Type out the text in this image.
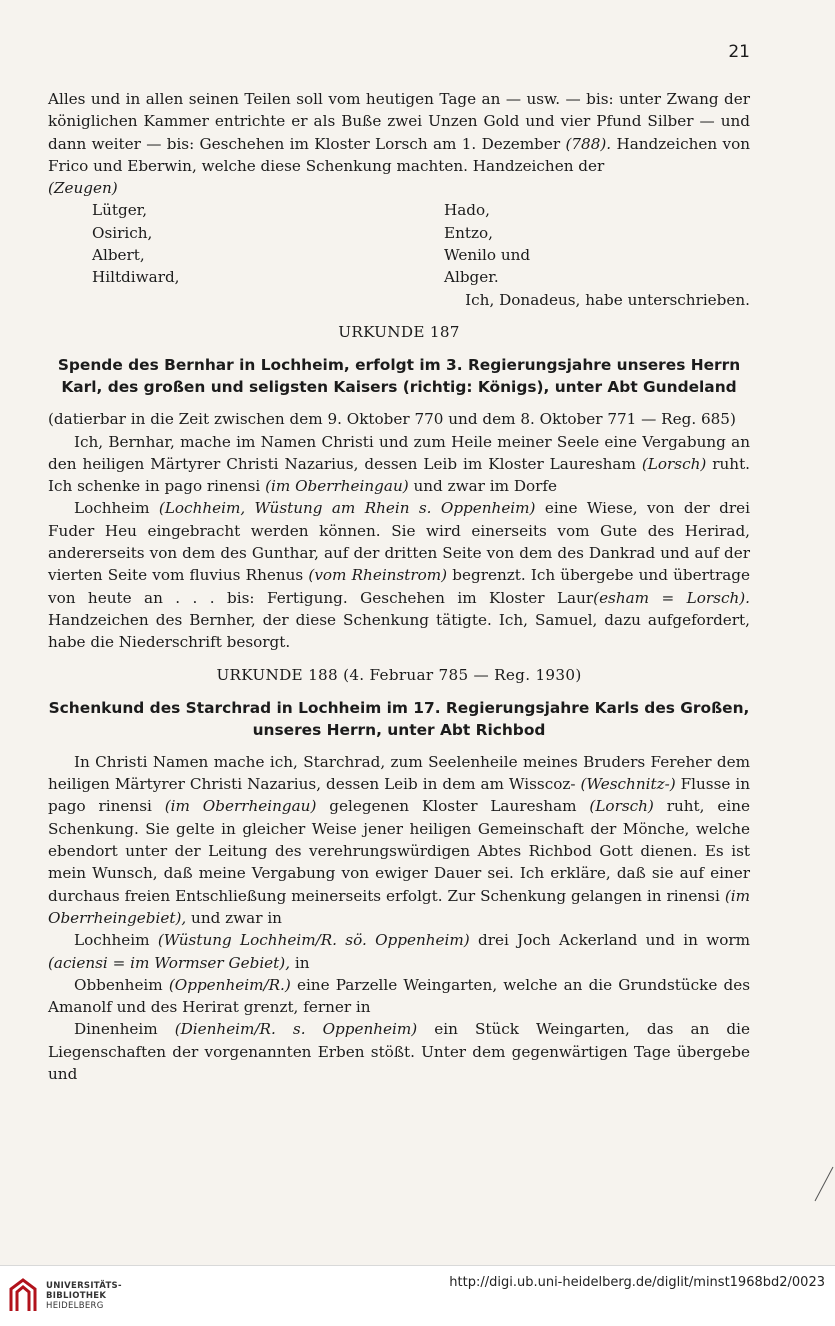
21

Alles und in allen seinen Teilen soll vom heutigen Tage an — usw. — bis: unter Zwang der königlichen Kammer entrichte er als Buße zwei Unzen Gold und vier Pfund Silber — und dann weiter — bis: Geschehen im Kloster Lorsch am 1. Dezember (788). Handzeichen von Frico und Eberwin, welche diese Schenkung machten. Handzeichen der

(Zeugen)

Lütger,	Hado,
Osirich,	Entzo,
Albert,	Wenilo und
Hiltdiward,	Albger.

Ich, Donadeus, habe unterschrieben.

URKUNDE 187

Spende des Bernhar in Lochheim, erfolgt im 3. Regierungsjahre unseres Herrn Karl, des großen und seligsten Kaisers (richtig: Königs), unter Abt Gundeland

(datierbar in die Zeit zwischen dem 9. Oktober 770 und dem 8. Oktober 771 — Reg. 685)

Ich, Bernhar, mache im Namen Christi und zum Heile meiner Seele eine Vergabung an den heiligen Märtyrer Christi Nazarius, dessen Leib im Kloster Lauresham (Lorsch) ruht. Ich schenke in pago rinensi (im Oberrheingau) und zwar im Dorfe

Lochheim (Lochheim, Wüstung am Rhein s. Oppenheim) eine Wiese, von der drei Fuder Heu eingebracht werden können. Sie wird einerseits vom Gute des Herirad, andererseits von dem des Gunthar, auf der dritten Seite von dem des Dankrad und auf der vierten Seite vom fluvius Rhenus (vom Rheinstrom) begrenzt. Ich übergebe und übertrage von heute an . . . bis: Fertigung. Geschehen im Kloster Laur(esham = Lorsch). Handzeichen des Bernher, der diese Schenkung tätigte. Ich, Samuel, dazu aufgefordert, habe die Niederschrift besorgt.

URKUNDE 188 (4. Februar 785 — Reg. 1930)

Schenkund des Starchrad in Lochheim im 17. Regierungsjahre Karls des Großen, unseres Herrn, unter Abt Richbod

In Christi Namen mache ich, Starchrad, zum Seelenheile meines Bruders Fereher dem heiligen Märtyrer Christi Nazarius, dessen Leib in dem am Wisscoz- (Weschnitz-) Flusse in pago rinensi (im Oberrheingau) gelegenen Kloster Lauresham (Lorsch) ruht, eine Schenkung. Sie gelte in gleicher Weise jener heiligen Gemeinschaft der Mönche, welche ebendort unter der Leitung des verehrungswürdigen Abtes Richbod Gott dienen. Es ist mein Wunsch, daß meine Vergabung von ewiger Dauer sei. Ich erkläre, daß sie auf einer durchaus freien Entschließung meinerseits erfolgt. Zur Schenkung gelangen in rinensi (im Oberrheingebiet), und zwar in

Lochheim (Wüstung Lochheim/R. sö. Oppenheim) drei Joch Ackerland und in worm (aciensi = im Wormser Gebiet), in

Obbenheim (Oppenheim/R.) eine Parzelle Weingarten, welche an die Grundstücke des Amanolf und des Herirat grenzt, ferner in

Dinenheim (Dienheim/R. s. Oppenheim) ein Stück Weingarten, das an die Liegenschaften der vorgenannten Erben stößt. Unter dem gegenwärtigen Tage übergebe und

UNIVERSITÄTS-
BIBLIOTHEK
HEIDELBERG
http://digi.ub.uni-heidelberg.de/diglit/minst1968bd2/0023
